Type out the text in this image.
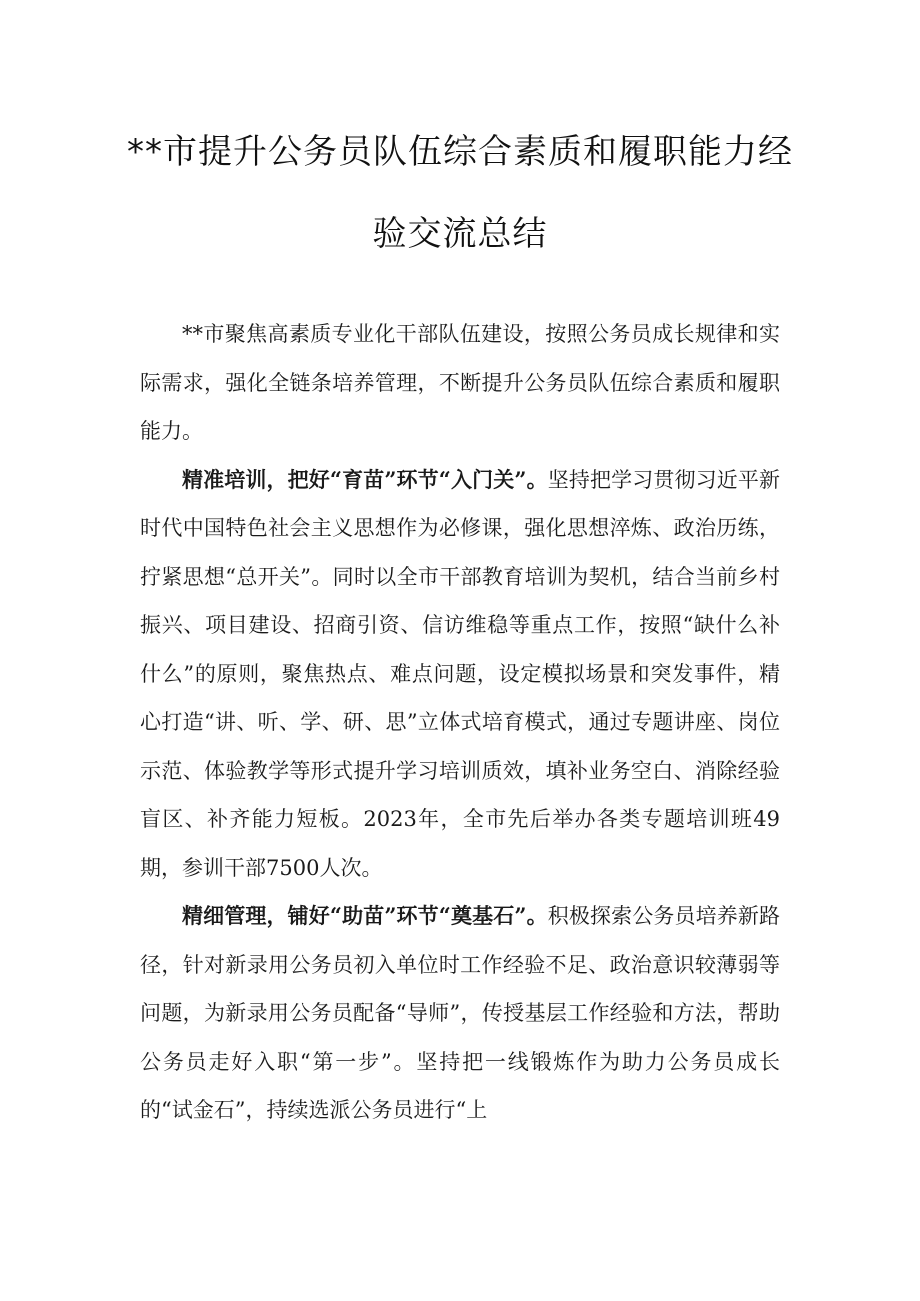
**市提升公务员队伍综合素质和履职能力经
验交流总结

**市聚焦高素质专业化干部队伍建设，按照公务员成长规律和实际需求，强化全链条培养管理，不断提升公务员队伍综合素质和履职能力。

精准培训，把好“育苗”环节“入门关”。坚持把学习贯彻习近平新时代中国特色社会主义思想作为必修课，强化思想淬炼、政治历练，拧紧思想“总开关”。同时以全市干部教育培训为契机，结合当前乡村振兴、项目建设、招商引资、信访维稳等重点工作，按照“缺什么补什么”的原则，聚焦热点、难点问题，设定模拟场景和突发事件，精心打造“讲、听、学、研、思”立体式培育模式，通过专题讲座、岗位示范、体验教学等形式提升学习培训质效，填补业务空白、消除经验盲区、补齐能力短板。2023年，全市先后举办各类专题培训班49期，参训干部7500人次。

精细管理，铺好“助苗”环节“奠基石”。积极探索公务员培养新路径，针对新录用公务员初入单位时工作经验不足、政治意识较薄弱等问题，为新录用公务员配备“导师”，传授基层工作经验和方法，帮助公务员走好入职“第一步”。坚持把一线锻炼作为助力公务员成长的“试金石”，持续选派公务员进行“上
